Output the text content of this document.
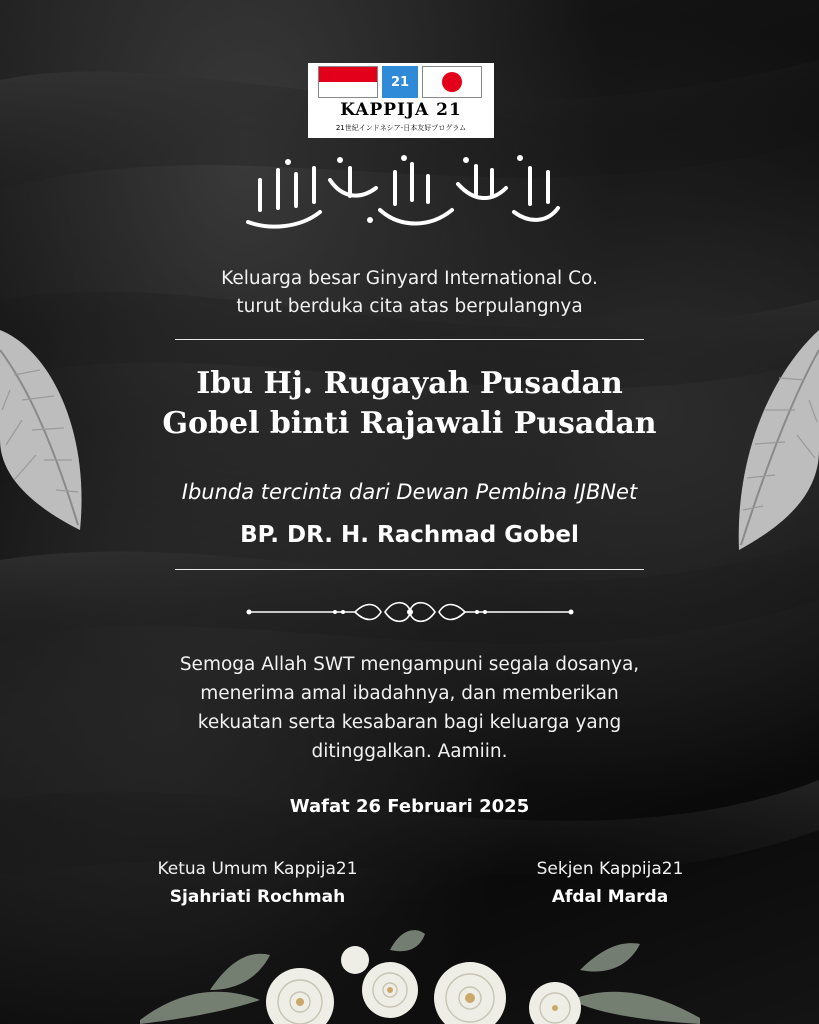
21
KAPPIJA 21
21世紀インドネシア-日本友好プログラム
Keluarga besar Ginyard International Co.
turut berduka cita atas berpulangnya
Ibu Hj. Rugayah Pusadan
Gobel binti Rajawali Pusadan
Ibunda tercinta dari Dewan Pembina IJBNet
BP. DR. H. Rachmad Gobel
Semoga Allah SWT mengampuni segala dosanya,
menerima amal ibadahnya, dan memberikan
kekuatan serta kesabaran bagi keluarga yang
ditinggalkan. Aamiin.
Wafat 26 Februari 2025
Ketua Umum Kappija21
Sjahriati Rochmah
Sekjen Kappija21
Afdal Marda
